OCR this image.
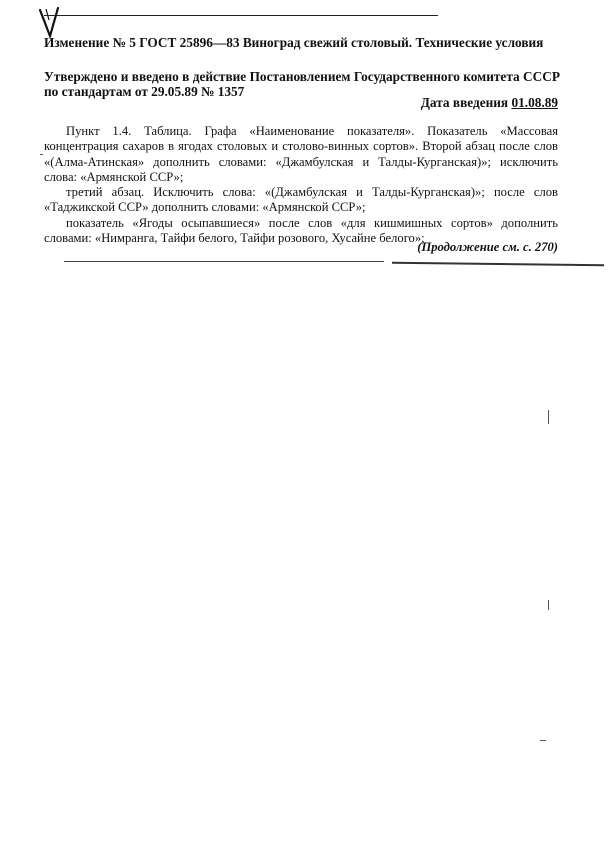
Изменение № 5 ГОСТ 25896—83 Виноград свежий столовый. Технические условия
Утверждено и введено в действие Постановлением Государственного комитета СССР по стандартам от 29.05.89 № 1357
Дата введения 01.08.89

Пункт 1.4. Таблица. Графа «Наименование показателя». Показатель «Массовая концентрация сахаров в ягодах столовых и столово-винных сортов». Второй абзац после слов «(Алма-Атинская» дополнить словами: «Джамбулская и Талды-Курганская)»; исключить слова: «Армянской ССР»;

третий абзац. Исключить слова: «(Джамбулская и Талды-Курганская)»; после слов «Таджикской ССР» дополнить словами: «Армянской ССР»;

показатель «Ягоды осыпавшиеся» после слов «для кишмишных сортов» дополнить словами: «Нимранга, Тайфи белого, Тайфи розового, Хусайне белого»;

(Продолжение см. с. 270)
